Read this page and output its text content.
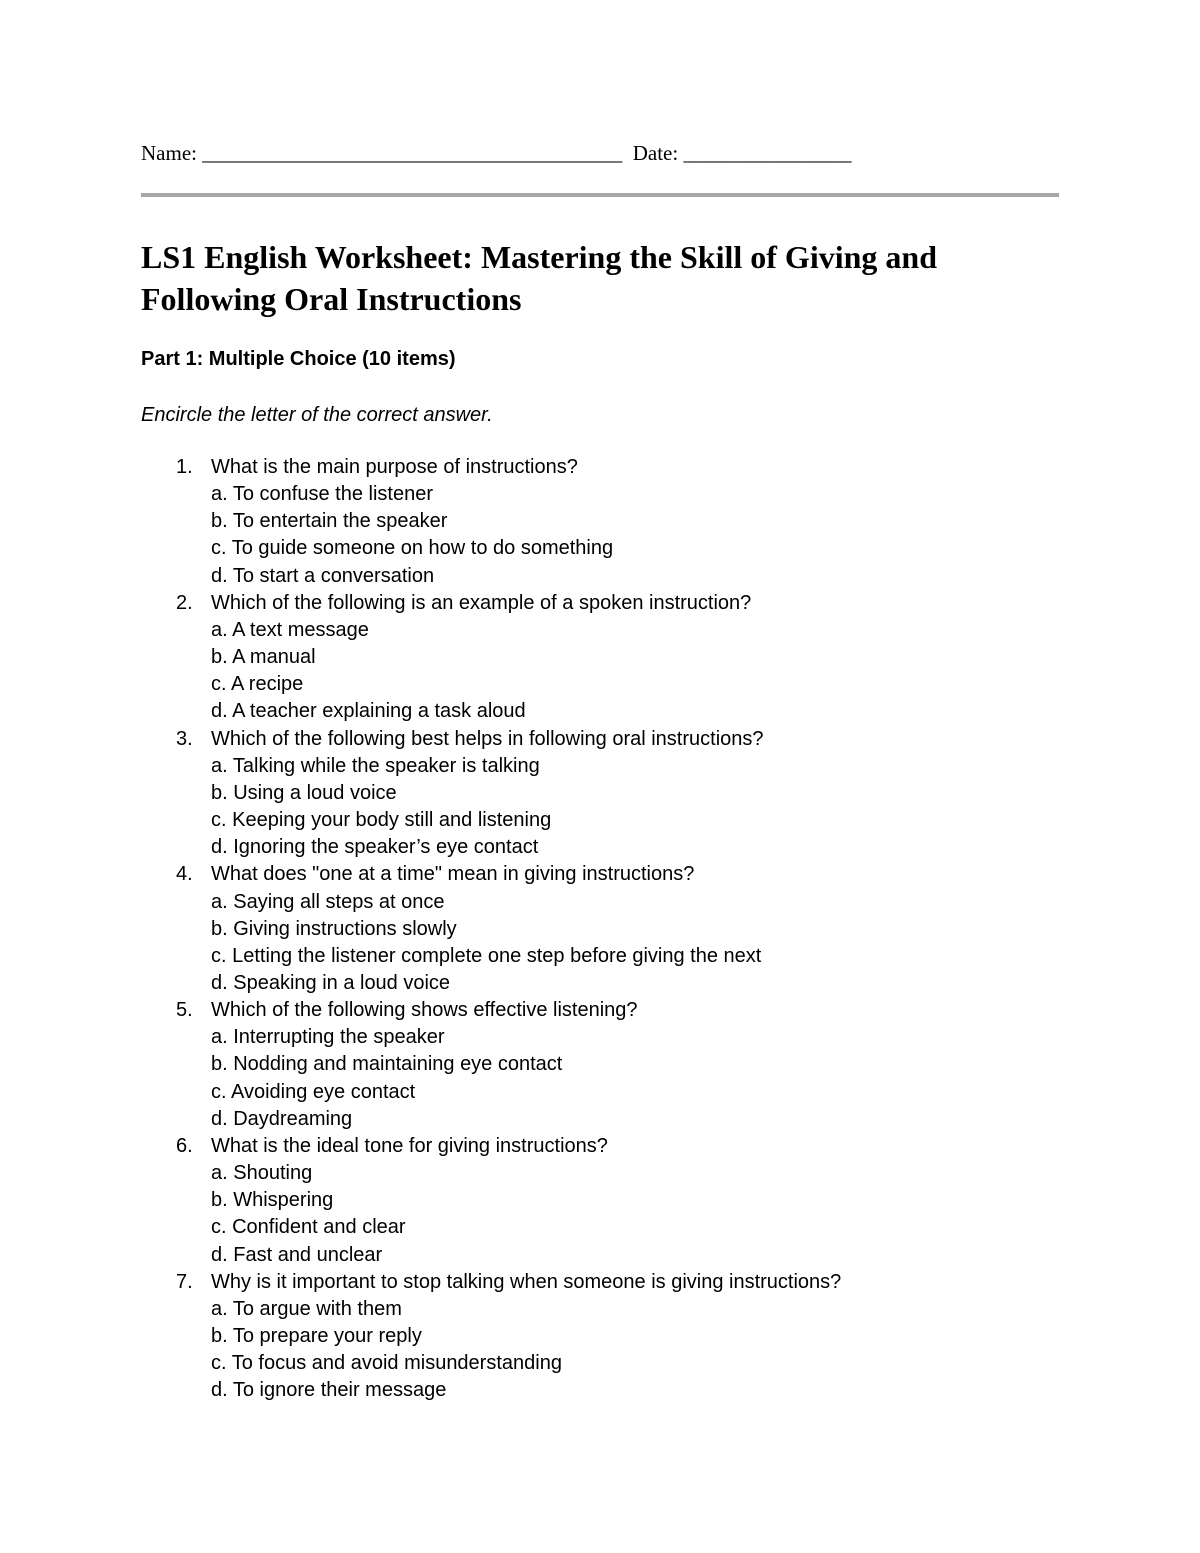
Name: ________________________________________  Date: ________________
LS1 English Worksheet: Mastering the Skill of Giving and Following Oral Instructions
Part 1: Multiple Choice (10 items)

Encircle the letter of the correct answer.

1. What is the main purpose of instructions?
a. To confuse the listener
b. To entertain the speaker
c. To guide someone on how to do something
d. To start a conversation
2. Which of the following is an example of a spoken instruction?
a. A text message
b. A manual
c. A recipe
d. A teacher explaining a task aloud
3. Which of the following best helps in following oral instructions?
a. Talking while the speaker is talking
b. Using a loud voice
c. Keeping your body still and listening
d. Ignoring the speaker’s eye contact
4. What does "one at a time" mean in giving instructions?
a. Saying all steps at once
b. Giving instructions slowly
c. Letting the listener complete one step before giving the next
d. Speaking in a loud voice
5. Which of the following shows effective listening?
a. Interrupting the speaker
b. Nodding and maintaining eye contact
c. Avoiding eye contact
d. Daydreaming
6. What is the ideal tone for giving instructions?
a. Shouting
b. Whispering
c. Confident and clear
d. Fast and unclear
7. Why is it important to stop talking when someone is giving instructions?
a. To argue with them
b. To prepare your reply
c. To focus and avoid misunderstanding
d. To ignore their message
